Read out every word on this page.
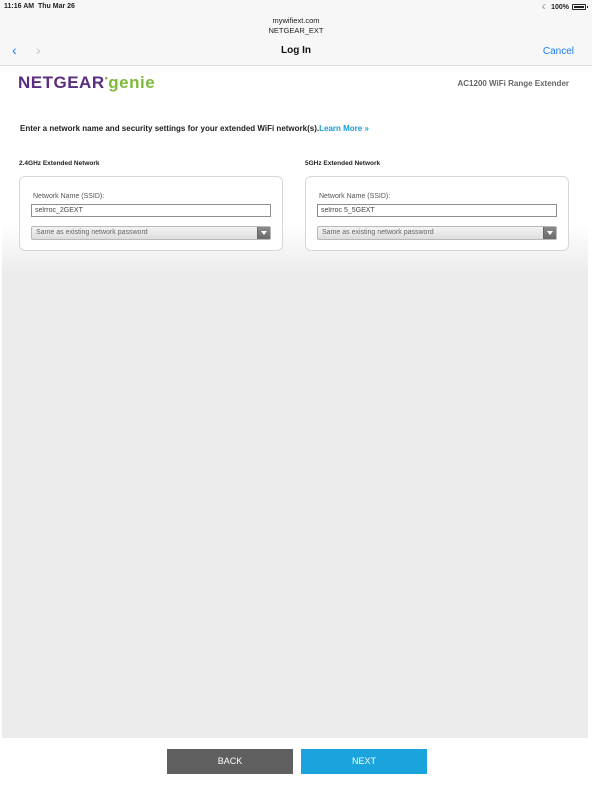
11:16 AM Thu Mar 26	☾ 100%
mywifiext.com
NETGEAR_EXT
‹ ›	Log In	Cancel
NETGEAR•genie	AC1200 WiFi Range Extender
Enter a network name and security settings for your extended WiFi network(s).Learn More »
2.4GHz Extended Network	5GHz Extended Network
Network Name (SSID):
selrroc_2GEXT
Same as existing network password
Network Name (SSID):
selrroc 5_5GEXT
Same as existing network password
BACK	NEXT
